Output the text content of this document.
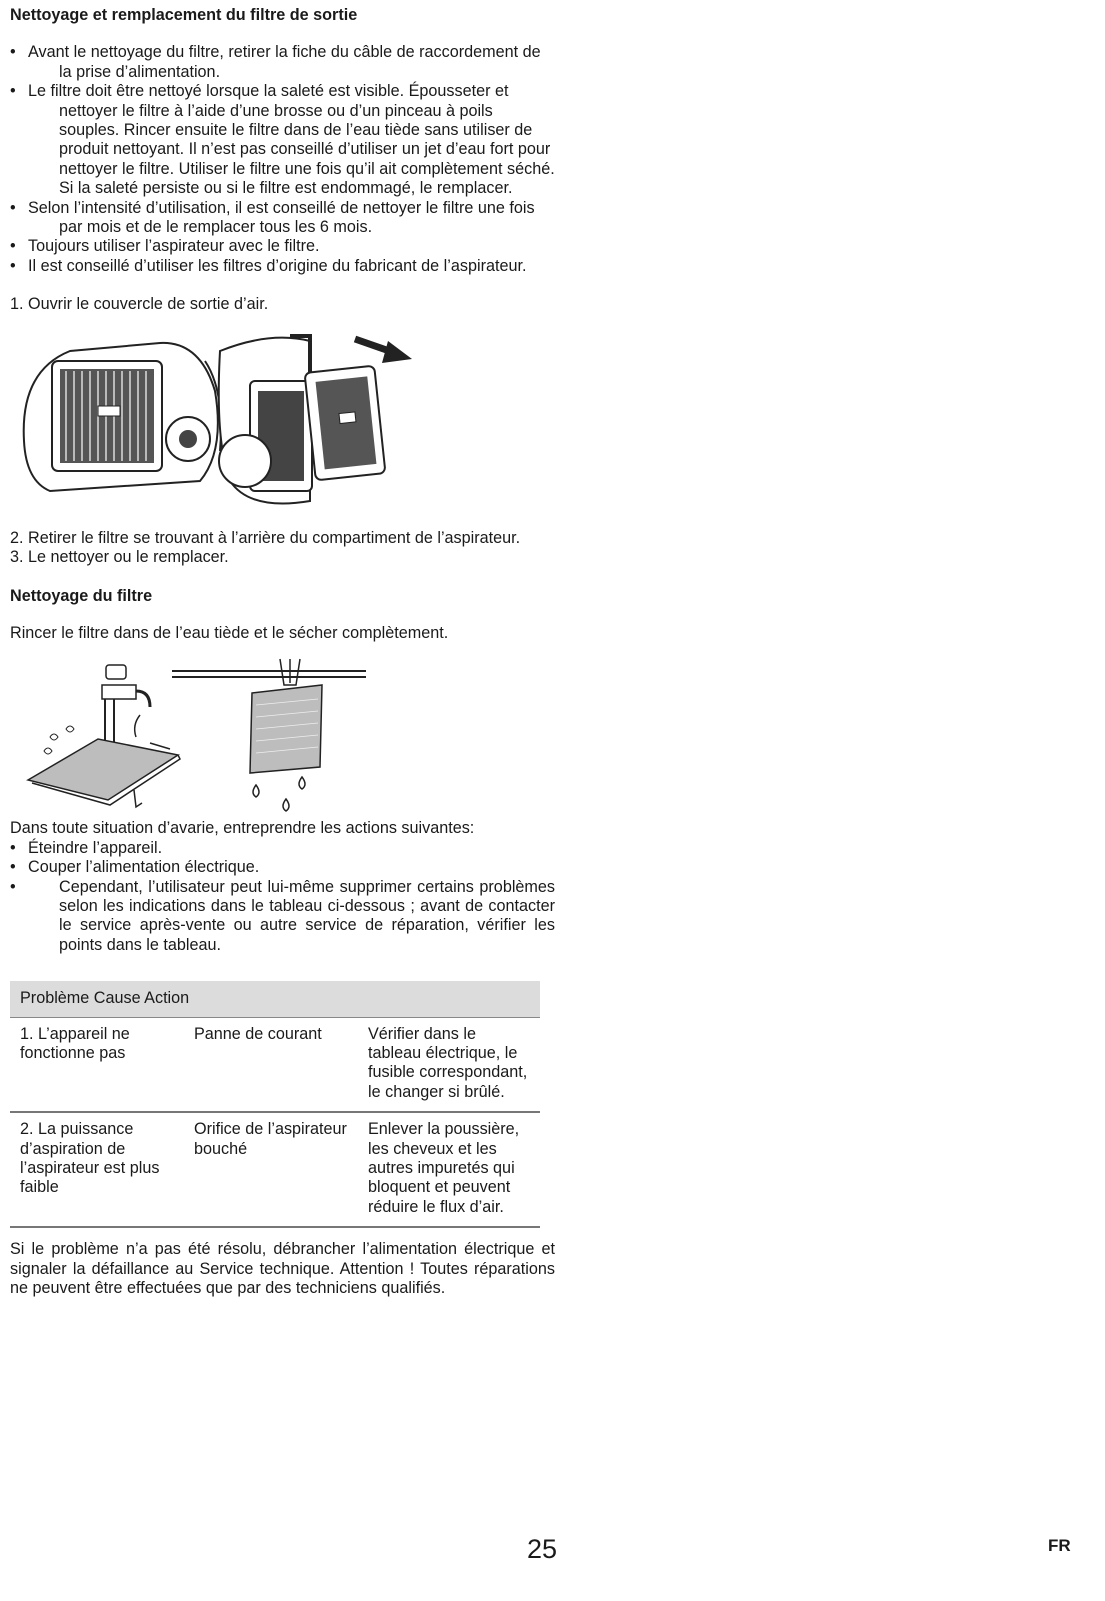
Nettoyage et remplacement du filtre de sortie

• Avant le nettoyage du filtre, retirer la fiche du câble de raccordement de la prise d’alimentation.
• Le filtre doit être nettoyé lorsque la saleté est visible. Épousseter et nettoyer le filtre à l’aide d’une brosse ou d’un pinceau à poils souples. Rincer ensuite le filtre dans de l’eau tiède sans utiliser de produit nettoyant. Il n’est pas conseillé d’utiliser un jet d’eau fort pour nettoyer le filtre. Utiliser le filtre une fois qu’il ait complètement séché. Si la saleté persiste ou si le filtre est endommagé, le remplacer.
• Selon l’intensité d’utilisation, il est conseillé de nettoyer le filtre une fois par mois et de le remplacer tous les 6 mois.
• Toujours utiliser l’aspirateur avec le filtre.
• Il est conseillé d’utiliser les filtres d’origine du fabricant de l’aspirateur.

1. Ouvrir le couvercle de sortie d’air.

2. Retirer le filtre se trouvant à l’arrière du compartiment de l’aspirateur.

3. Le nettoyer ou le remplacer.

Nettoyage du filtre

Rincer le filtre dans de l’eau tiède et le sécher complètement.

Dans toute situation d’avarie, entreprendre les actions suivantes:

• Éteindre l’appareil.
• Couper l’alimentation électrique.
• Cependant, l’utilisateur peut lui-même supprimer certains problèmes selon les indications dans le tableau ci-dessous ; avant de contacter le service après-vente ou autre service de réparation, vérifier les points dans le tableau.
Problème Cause Action		
1. L’appareil ne fonctionne pas	Panne de courant	Vérifier dans le tableau électrique, le fusible correspondant, le changer si brûlé.
2. La puissance d’aspiration de l’aspirateur est plus faible	Orifice de l’aspirateur bouché	Enlever la poussière, les cheveux et les autres impuretés qui bloquent et peuvent réduire le flux d’air.

Si le problème n’a pas été résolu, débrancher l’alimentation électrique et signaler la défaillance au Service technique. Attention ! Toutes réparations ne peuvent être effectuées que par des techniciens qualifiés.

25	FR
